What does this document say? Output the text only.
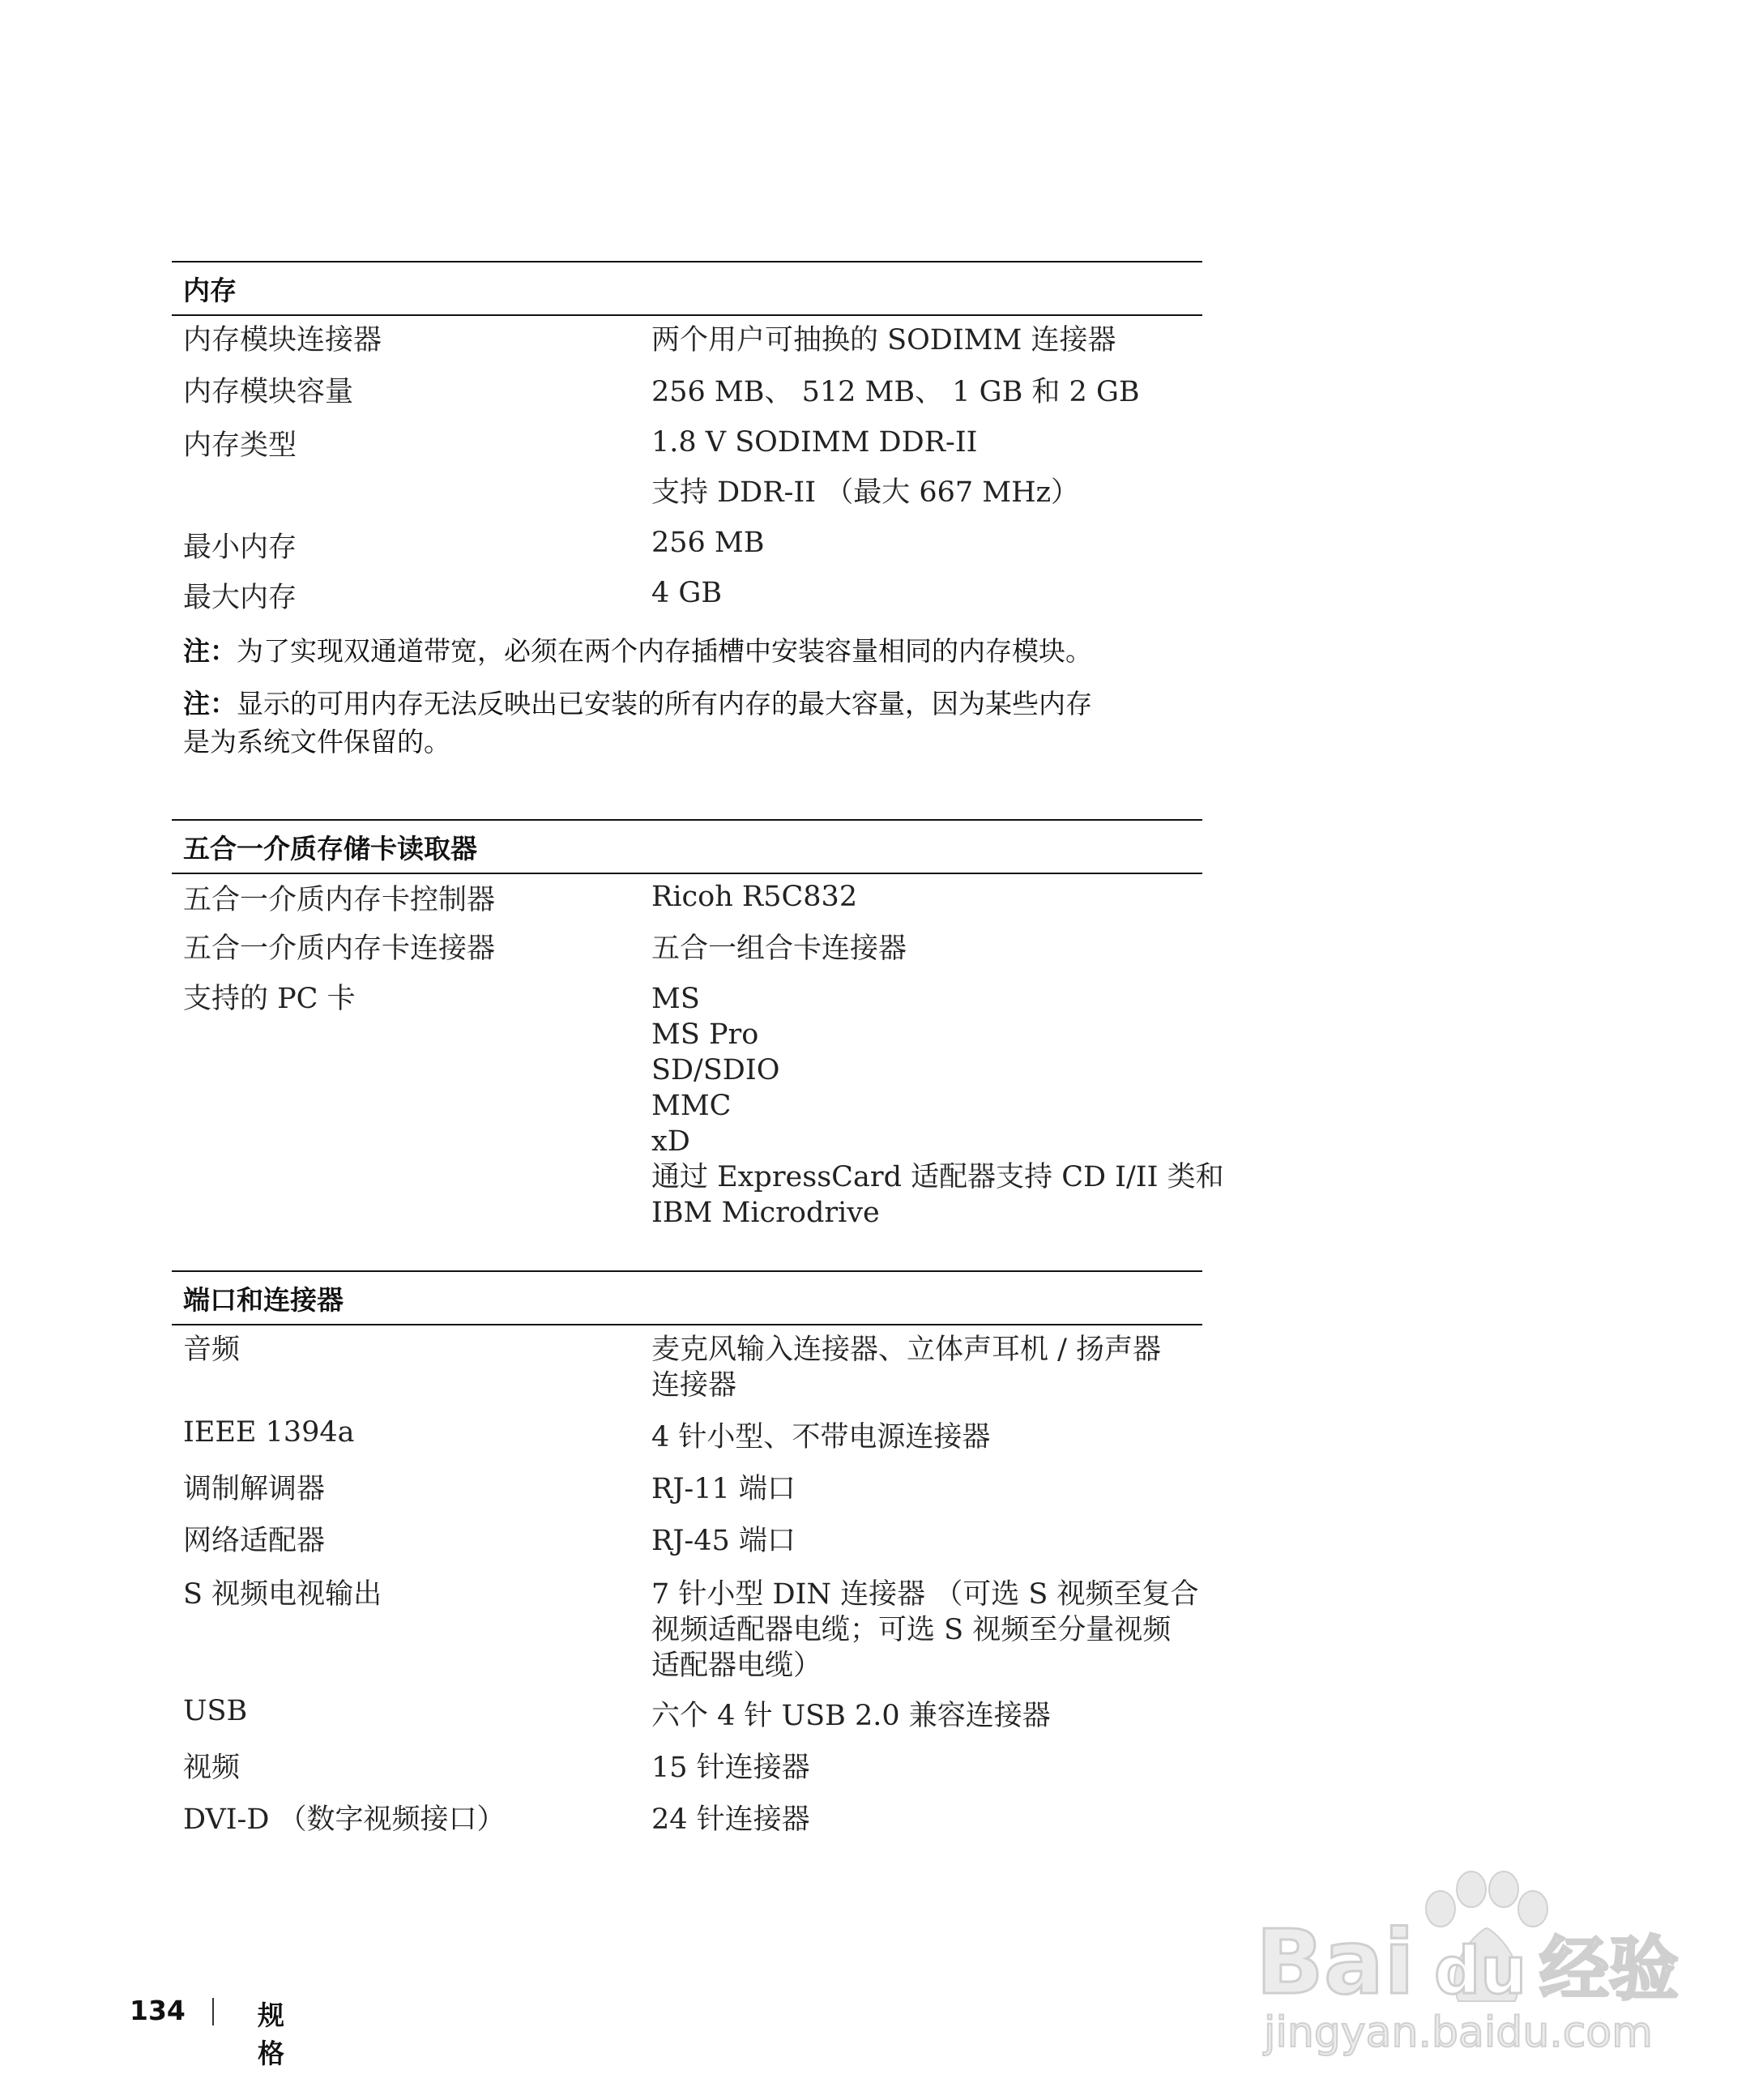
内存
内存模块连接器	两个用户可抽换的 SODIMM 连接器
内存模块容量	256 MB、 512 MB、 1 GB 和 2 GB
内存类型	1.8 V SODIMM DDR-II
支持 DDR-II （最大 667 MHz）
最小内存	256 MB
最大内存	4 GB
注：为了实现双通道带宽，必须在两个内存插槽中安装容量相同的内存模块。
注：显示的可用内存无法反映出已安装的所有内存的最大容量，因为某些内存
是为系统文件保留的。
五合一介质存储卡读取器
五合一介质内存卡控制器	Ricoh R5C832
五合一介质内存卡连接器	五合一组合卡连接器
支持的 PC 卡	MS
MS Pro
SD/SDIO
MMC
xD
通过 ExpressCard 适配器支持 CD I/II 类和
IBM Microdrive
端口和连接器
音频	麦克风输入连接器、立体声耳机 / 扬声器
连接器
IEEE 1394a	4 针小型、不带电源连接器
调制解调器	RJ-11 端口
网络适配器	RJ-45 端口
S 视频电视输出	7 针小型 DIN 连接器 （可选 S 视频至复合
视频适配器电缆；可选 S 视频至分量视频
适配器电缆）
USB	六个 4 针 USB 2.0 兼容连接器
视频	15 针连接器
DVI-D （数字视频接口）	24 针连接器
134	规格
Bai du 经验
jingyan.baidu.com
